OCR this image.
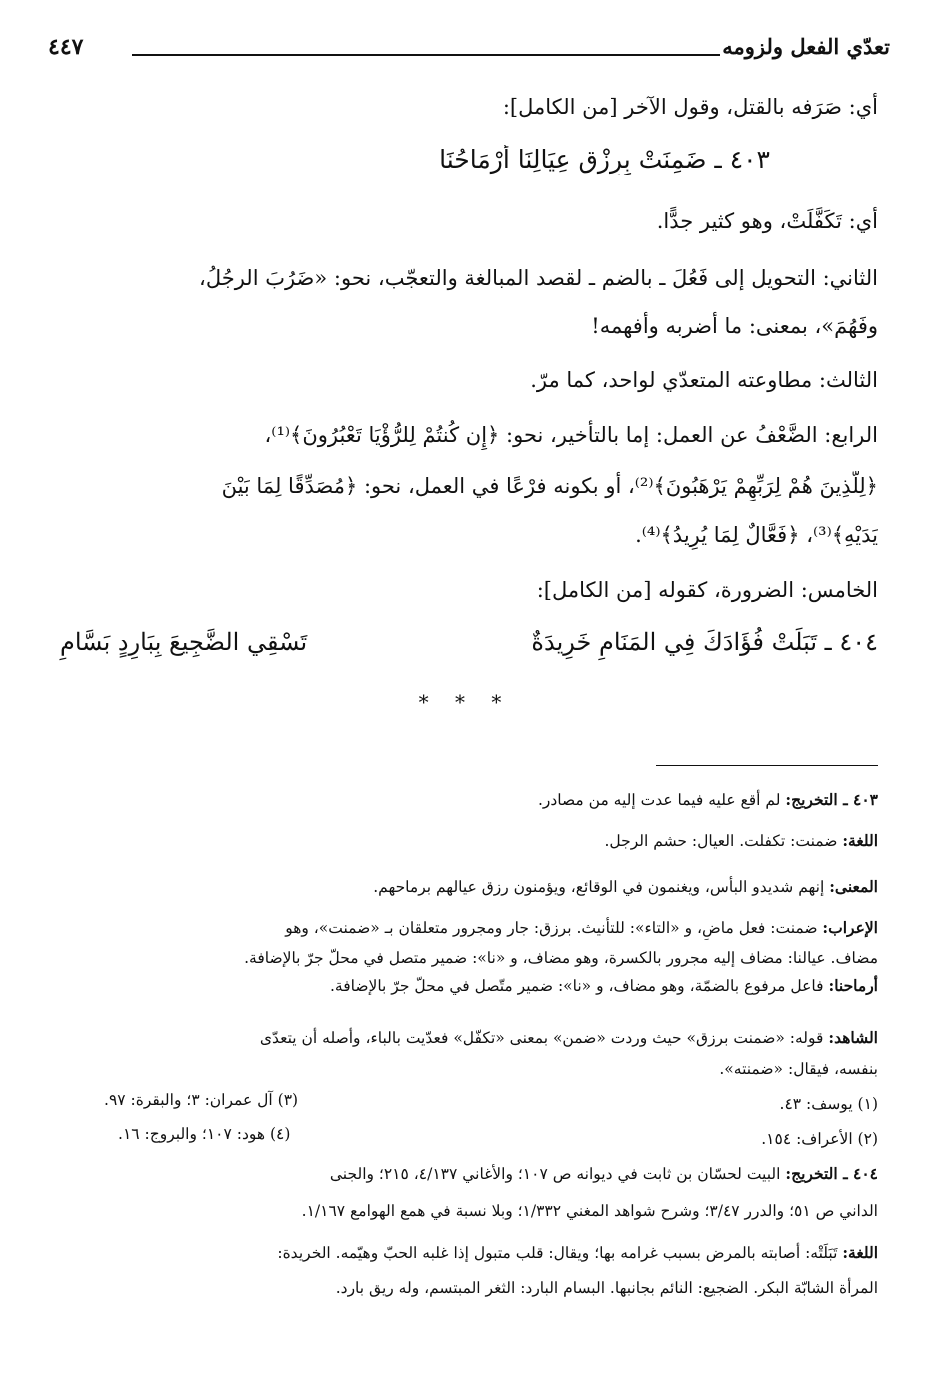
٤٤٧	تعدّي الفعل ولزومه
أي: صَرَفه بالقتل، وقول الآخر [من الكامل]:
٤٠٣ ـ ضَمِنَتْ بِرِزْقِ عِيَالِنَا أَرْمَاحُنَا
أي: تَكَفَّلَتْ، وهو كثير جدًّا.
الثاني: التحويل إلى فَعُلَ ـ بالضم ـ لقصد المبالغة والتعجّب، نحو: «ضَرُبَ الرجُلُ،
وفَهُمَ»، بمعنى: ما أضربه وأفهمه!
الثالث: مطاوعته المتعدّي لواحد، كما مرّ.
الرابع: الضَّعْفُ عن العمل: إما بالتأخير، نحو: ﴿إِن كُنتُمْ لِلرُّؤْيَا تَعْبُرُونَ﴾⁽¹⁾،
﴿لِلَّذِينَ هُمْ لِرَبِّهِمْ يَرْهَبُونَ﴾⁽²⁾، أو بكونه فرْعًا في العمل، نحو: ﴿مُصَدِّقًا لِمَا بَيْنَ
يَدَيْهِ﴾⁽³⁾، ﴿فَعَّالٌ لِمَا يُرِيدُ﴾⁽⁴⁾.
الخامس: الضرورة، كقوله [من الكامل]:
٤٠٤ ـ تَبَلَتْ فُؤَادَكَ فِي المَنَامِ خَرِيدَةٌ
تَسْقِي الضَّجِيعَ بِبَارِدٍ بَسَّامِ
* * *
٤٠٣ ـ التخريج: لم أقع عليه فيما عدت إليه من مصادر.
اللغة: ضمنت: تكفلت. العيال: حشم الرجل.
المعنى: إنهم شديدو البأس، ويغنمون في الوقائع، ويؤمنون رزق عيالهم برماحهم.
الإعراب: ضمنت: فعل ماضٍ، و «التاء»: للتأنيث. برزق: جار ومجرور متعلقان بـ «ضمنت»، وهو
مضاف. عيالنا: مضاف إليه مجرور بالكسرة، وهو مضاف، و «نا»: ضمير متصل في محلّ جرّ بالإضافة.
أرماحنا: فاعل مرفوع بالضمّة، وهو مضاف، و «نا»: ضمير متّصل في محلّ جرّ بالإضافة.
الشاهد: قوله: «ضمنت برزق» حيث وردت «ضمن» بمعنى «تكفّل» فعدّيت بالباء، وأصله أن يتعدّى
بنفسه، فيقال: «ضمنته».
(١) يوسف: ٤٣.
(٣) آل عمران: ٣؛ والبقرة: ٩٧.
(٢) الأعراف: ١٥٤.
(٤) هود: ١٠٧؛ والبروج: ١٦.
٤٠٤ ـ التخريج: البيت لحسّان بن ثابت في ديوانه ص ١٠٧؛ والأغاني ٤/١٣٧، ٢١٥؛ والجنى
الداني ص ٥١؛ والدرر ٣/٤٧؛ وشرح شواهد المغني ١/٣٣٢؛ وبلا نسبة في همع الهوامع ١/١٦٧.
اللغة: تَبَلَتْه: أصابته بالمرض بسبب غرامه بها؛ ويقال: قلب متبول إذا غلبه الحبّ وهيّمه. الخريدة:
المرأة الشابّة البكر. الضجيع: النائم بجانبها. البسام البارد: الثغر المبتسم، وله ريق بارد.
